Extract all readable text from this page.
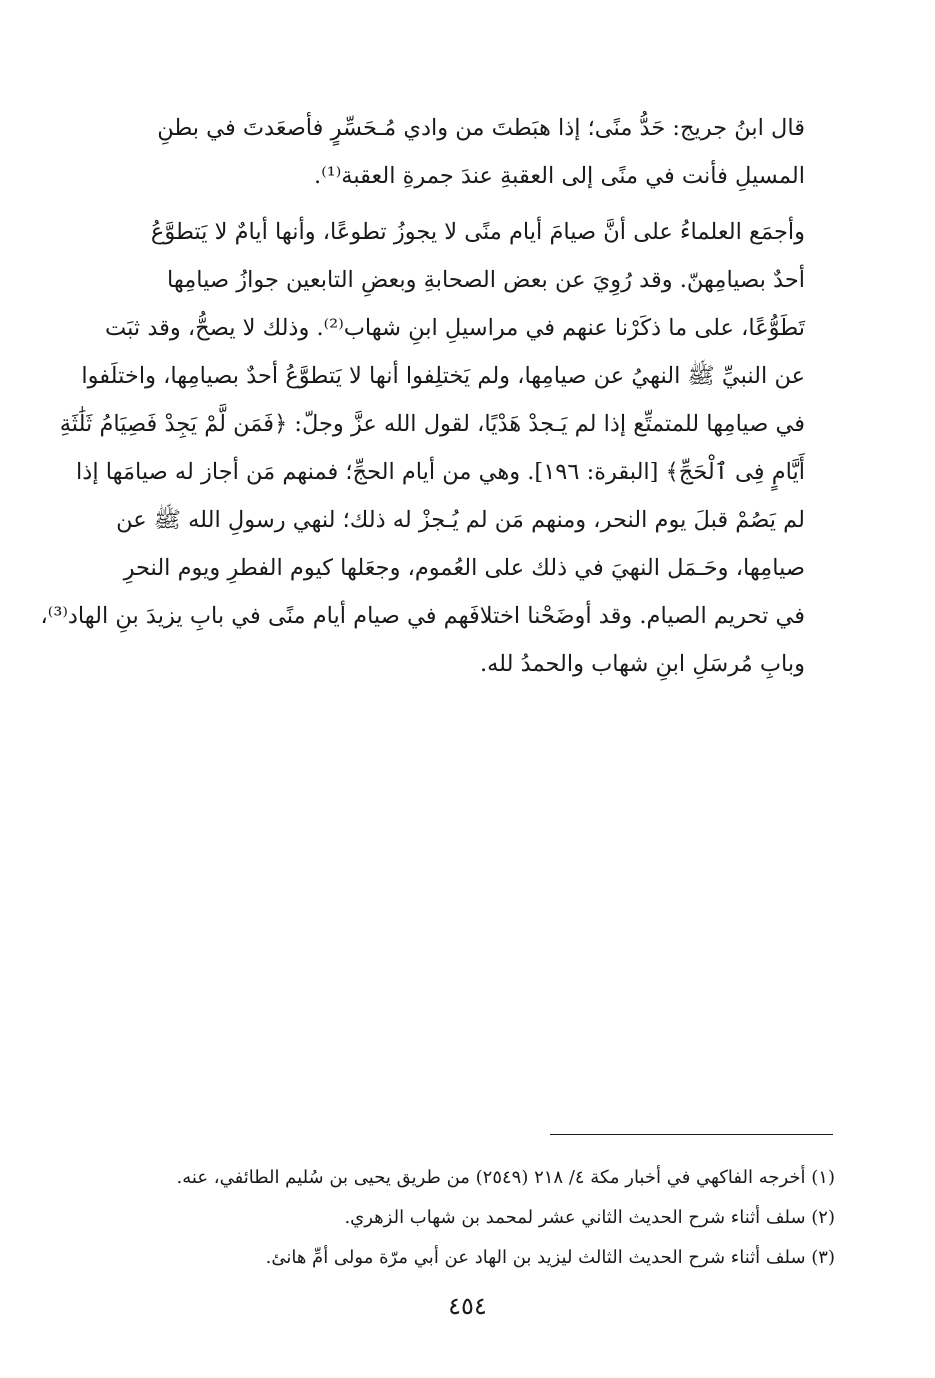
قال ابنُ جريج: حَدُّ منًى؛ إذا هبَطتَ من وادي مُـحَسِّرٍ فأصعَدتَ في بطنِ
المسيلِ فأنت في منًى إلى العقبةِ عندَ جمرةِ العقبة⁽¹⁾.

وأجمَع العلماءُ على أنَّ صيامَ أيام منًى لا يجوزُ تطوعًا، وأنها أيامٌ لا يَتطوَّعُ
أحدٌ بصيامِهنّ. وقد رُوِيَ عن بعض الصحابةِ وبعضِ التابعين جوازُ صيامِها
تَطَوُّعًا، على ما ذكَرْنا عنهم في مراسيلِ ابنِ شهاب⁽²⁾. وذلك لا يصحُّ، وقد ثبَت
عن النبيِّ ﷺ النهيُ عن صيامِها، ولم يَختلِفوا أنها لا يَتطوَّعُ أحدٌ بصيامِها، واختلَفوا
في صيامِها للمتمتِّع إذا لم يَـجدْ هَدْيًا، لقول الله عزَّ وجلّ: ﴿فَمَن لَّمْ يَجِدْ فَصِيَامُ ثَلَٰثَةِ
أَيَّامٍ فِى ٱلْحَجِّ﴾ [البقرة: ١٩٦]. وهي من أيام الحجِّ؛ فمنهم مَن أجاز له صيامَها إذا
لم يَصُمْ قبلَ يوم النحر، ومنهم مَن لم يُـجزْ له ذلك؛ لنهي رسولِ الله ﷺ عن
صيامِها، وحَـمَل النهيَ في ذلك على العُموم، وجعَلها كيوم الفطرِ ويوم النحرِ
في تحريم الصيام. وقد أوضَحْنا اختلافَهم في صيام أيام منًى في بابِ يزيدَ بنِ الهاد⁽³⁾،
وبابِ مُرسَلِ ابنِ شهاب والحمدُ لله.

(١) أخرجه الفاكهي في أخبار مكة ٤/ ٢١٨ (٢٥٤٩) من طريق يحيى بن سُليم الطائفي، عنه.

(٢) سلف أثناء شرح الحديث الثاني عشر لمحمد بن شهاب الزهري.

(٣) سلف أثناء شرح الحديث الثالث ليزيد بن الهاد عن أبي مرّة مولى أمِّ هانئ.

٤٥٤
